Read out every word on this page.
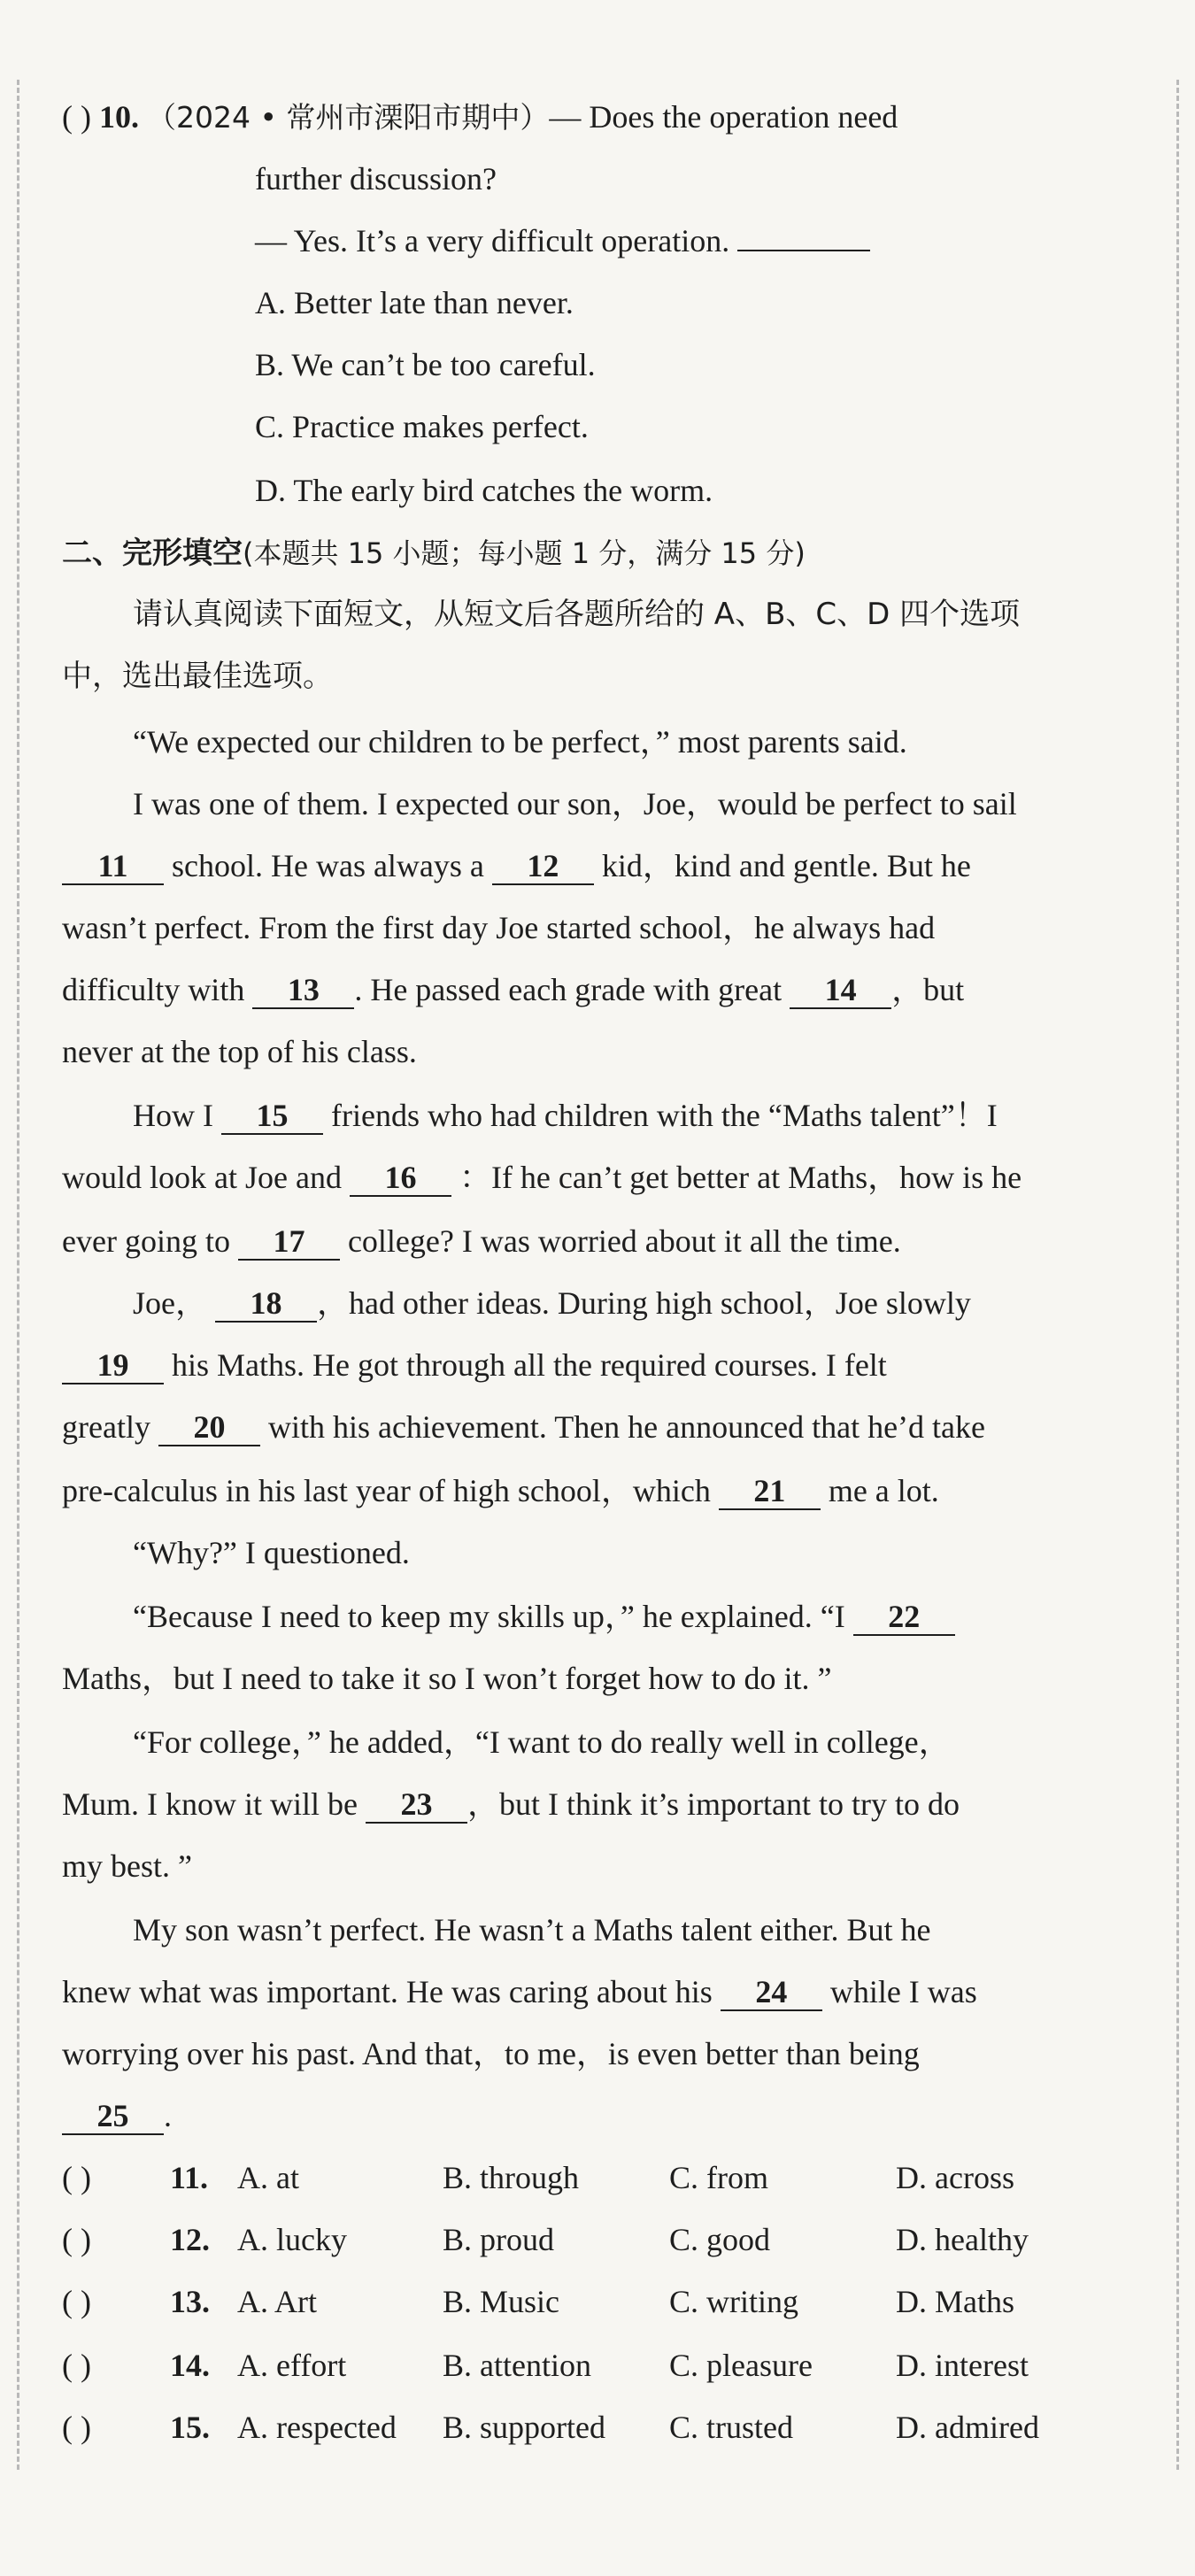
( ) 10. （2024 • 常州市溧阳市期中）— Does the operation need
further discussion?
— Yes. It’s a very difficult operation.
A. Better late than never.
B. We can’t be too careful.
C. Practice makes perfect.
D. The early bird catches the worm.
二、完形填空(本题共 15 小题；每小题 1 分，满分 15 分)
请认真阅读下面短文，从短文后各题所给的 A、B、C、D 四个选项
中，选出最佳选项。
“We expected our children to be perfect，” most parents said.
I was one of them. I expected our son，Joe，would be perfect to sail
11 school. He was always a 12 kid，kind and gentle. But he
wasn’t perfect. From the first day Joe started school，he always had
difficulty with 13 . He passed each grade with great 14 ，but
never at the top of his class.
How I 15 friends who had children with the “Maths talent”！I
would look at Joe and 16 ：If he can’t get better at Maths，how is he
ever going to 17 college? I was worried about it all the time.
Joe， 18 ，had other ideas. During high school，Joe slowly
19 his Maths. He got through all the required courses. I felt
greatly 20 with his achievement. Then he announced that he’d take
pre-calculus in his last year of high school，which 21 me a lot.
“Why?” I questioned.
“Because I need to keep my skills up，” he explained. “I 22
Maths，but I need to take it so I won’t forget how to do it. ”
“For college，” he added，“I want to do really well in college，
Mum. I know it will be 23 ，but I think it’s important to try to do
my best. ”
My son wasn’t perfect. He wasn’t a Maths talent either. But he
knew what was important. He was caring about his 24 while I was
worrying over his past. And that，to me，is even better than being
25 .
( ) 11. A. at	B. through	C. from	D. across
( ) 12. A. lucky	B. proud	C. good	D. healthy
( ) 13. A. Art	B. Music	C. writing	D. Maths
( ) 14. A. effort	B. attention C. pleasure	D. interest
( ) 15. A. respected B. supported C. trusted	D. admired
